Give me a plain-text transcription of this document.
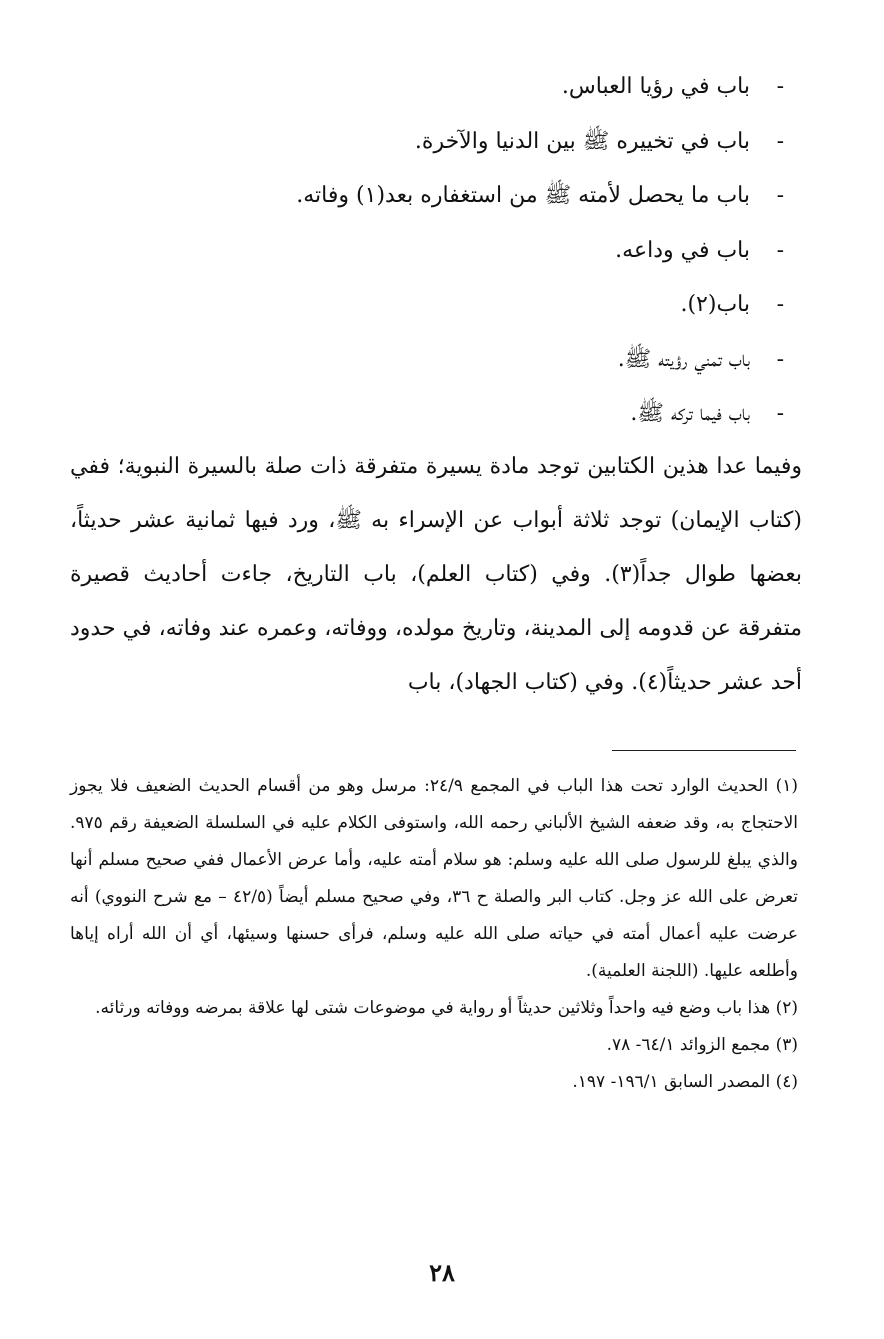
-باب في رؤيا العباس.
-باب في تخييره ﷺ بين الدنيا والآخرة.
-باب ما يحصل لأمته ﷺ من استغفاره بعد(١) وفاته.
-باب في وداعه.
-باب(٢).
-باب تمني رؤيته ﷺ.
-باب فيما تركه ﷺ.

وفيما عدا هذين الكتابين توجد مادة يسيرة متفرقة ذات صلة بالسيرة النبوية؛ ففي (كتاب الإيمان) توجد ثلاثة أبواب عن الإسراء به ﷺ، ورد فيها ثمانية عشر حديثاً، بعضها طوال جداً(٣). وفي (كتاب العلم)، باب التاريخ، جاءت أحاديث قصيرة متفرقة عن قدومه إلى المدينة، وتاريخ مولده، ووفاته، وعمره عند وفاته، في حدود أحد عشر حديثاً(٤). وفي (كتاب الجهاد)، باب

(١) الحديث الوارد تحت هذا الباب في المجمع ٢٤/٩: مرسل وهو من أقسام الحديث الضعيف فلا يجوز الاحتجاج به، وقد ضعفه الشيخ الألباني رحمه الله، واستوفى الكلام عليه في السلسلة الضعيفة رقم ٩٧٥. والذي يبلغ للرسول صلى الله عليه وسلم: هو سلام أمته عليه، وأما عرض الأعمال ففي صحيح مسلم أنها تعرض على الله عز وجل. كتاب البر والصلة ح ٣٦، وفي صحيح مسلم أيضاً (٤٢/٥ – مع شرح النووي) أنه عرضت عليه أعمال أمته في حياته صلى الله عليه وسلم، فرأى حسنها وسيئها، أي أن الله أراه إياها وأطلعه عليها. (اللجنة العلمية).

(٢) هذا باب وضع فيه واحداً وثلاثين حديثاً أو رواية في موضوعات شتى لها علاقة بمرضه ووفاته ورثائه.

(٣) مجمع الزوائد ٦٤/١- ٧٨.

(٤) المصدر السابق ١٩٦/١- ١٩٧.

٢٨
